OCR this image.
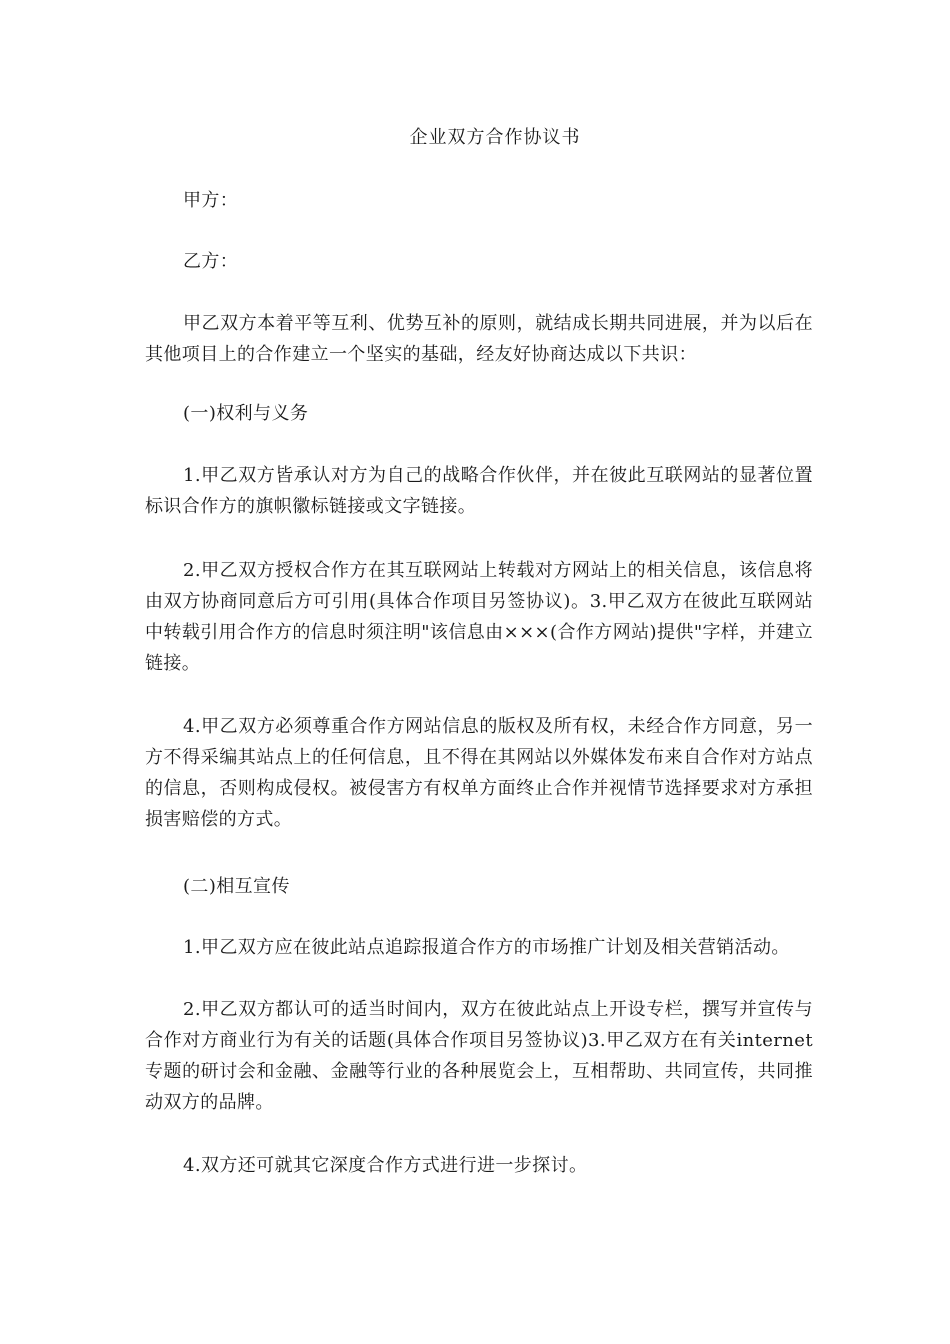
企业双方合作协议书
甲方：
乙方：
甲乙双方本着平等互利、优势互补的原则，就结成长期共同进展，并为以后在其他项目上的合作建立一个坚实的基础，经友好协商达成以下共识：
(一)权利与义务
1.甲乙双方皆承认对方为自己的战略合作伙伴，并在彼此互联网站的显著位置标识合作方的旗帜徽标链接或文字链接。
2.甲乙双方授权合作方在其互联网站上转载对方网站上的相关信息，该信息将由双方协商同意后方可引用(具体合作项目另签协议)。3.甲乙双方在彼此互联网站中转载引用合作方的信息时须注明"该信息由×××(合作方网站)提供"字样，并建立链接。
4.甲乙双方必须尊重合作方网站信息的版权及所有权，未经合作方同意，另一方不得采编其站点上的任何信息，且不得在其网站以外媒体发布来自合作对方站点的信息，否则构成侵权。被侵害方有权单方面终止合作并视情节选择要求对方承担损害赔偿的方式。
(二)相互宣传
1.甲乙双方应在彼此站点追踪报道合作方的市场推广计划及相关营销活动。
2.甲乙双方都认可的适当时间内，双方在彼此站点上开设专栏，撰写并宣传与合作对方商业行为有关的话题(具体合作项目另签协议)3.甲乙双方在有关internet专题的研讨会和金融、金融等行业的各种展览会上，互相帮助、共同宣传，共同推动双方的品牌。
4.双方还可就其它深度合作方式进行进一步探讨。
